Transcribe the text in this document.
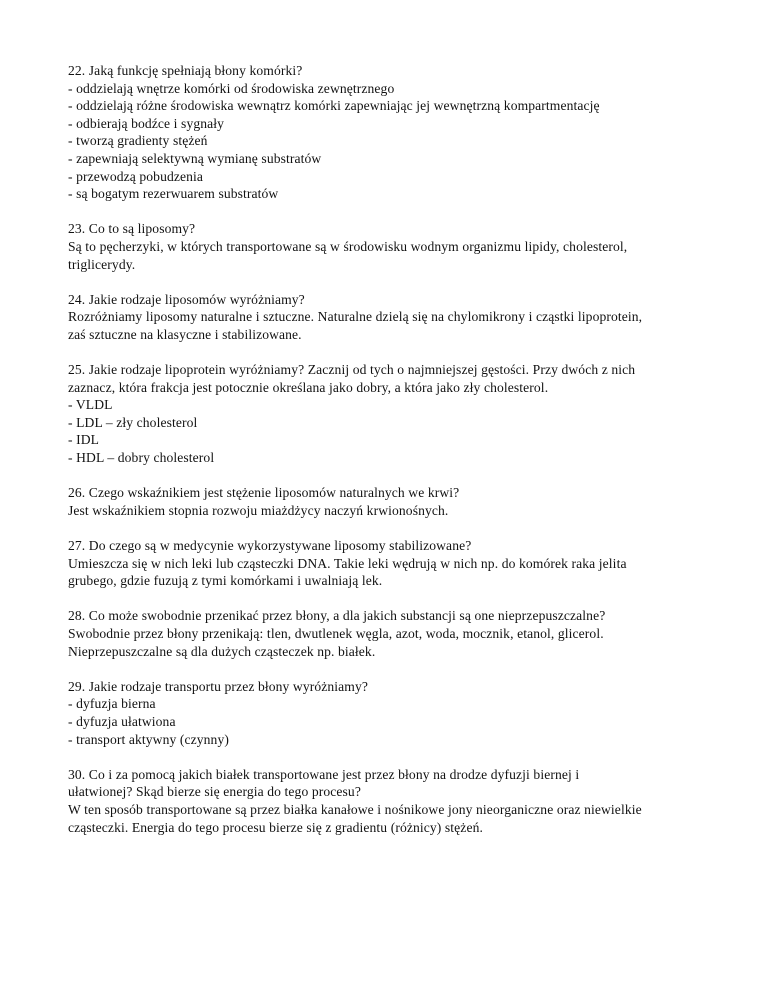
22. Jaką funkcję spełniają błony komórki?
- oddzielają wnętrze komórki od środowiska zewnętrznego
- oddzielają różne środowiska wewnątrz komórki zapewniając jej wewnętrzną kompartmentację
- odbierają bodźce i sygnały
- tworzą gradienty stężeń
- zapewniają selektywną wymianę substratów
- przewodzą pobudzenia
- są bogatym rezerwuarem substratów
23. Co to są liposomy?
Są to pęcherzyki, w których transportowane są w środowisku wodnym organizmu lipidy, cholesterol,
triglicerydy.
24. Jakie rodzaje liposomów wyróżniamy?
Rozróżniamy liposomy naturalne i sztuczne. Naturalne dzielą się na chylomikrony i cząstki lipoprotein,
zaś sztuczne na klasyczne i stabilizowane.
25. Jakie rodzaje lipoprotein wyróżniamy? Zacznij od tych o najmniejszej gęstości. Przy dwóch z nich
zaznacz, która frakcja jest potocznie określana jako dobry, a która jako zły cholesterol.
- VLDL
- LDL – zły cholesterol
- IDL
- HDL – dobry cholesterol
26. Czego wskaźnikiem jest stężenie liposomów naturalnych we krwi?
Jest wskaźnikiem stopnia rozwoju miażdżycy naczyń krwionośnych.
27. Do czego są w medycynie wykorzystywane liposomy stabilizowane?
Umieszcza się w nich leki lub cząsteczki DNA. Takie leki wędrują w nich np. do komórek raka jelita
grubego, gdzie fuzują z tymi komórkami i uwalniają lek.
28. Co może swobodnie przenikać przez błony, a dla jakich substancji są one nieprzepuszczalne?
Swobodnie przez błony przenikają: tlen, dwutlenek węgla, azot, woda, mocznik, etanol, glicerol.
Nieprzepuszczalne są dla dużych cząsteczek np. białek.
29. Jakie rodzaje transportu przez błony wyróżniamy?
- dyfuzja bierna
- dyfuzja ułatwiona
- transport aktywny (czynny)
30. Co i za pomocą jakich białek transportowane jest przez błony na drodze dyfuzji biernej i
ułatwionej? Skąd bierze się energia do tego procesu?
W ten sposób transportowane są przez białka kanałowe i nośnikowe jony nieorganiczne oraz niewielkie
cząsteczki. Energia do tego procesu bierze się z gradientu (różnicy) stężeń.
